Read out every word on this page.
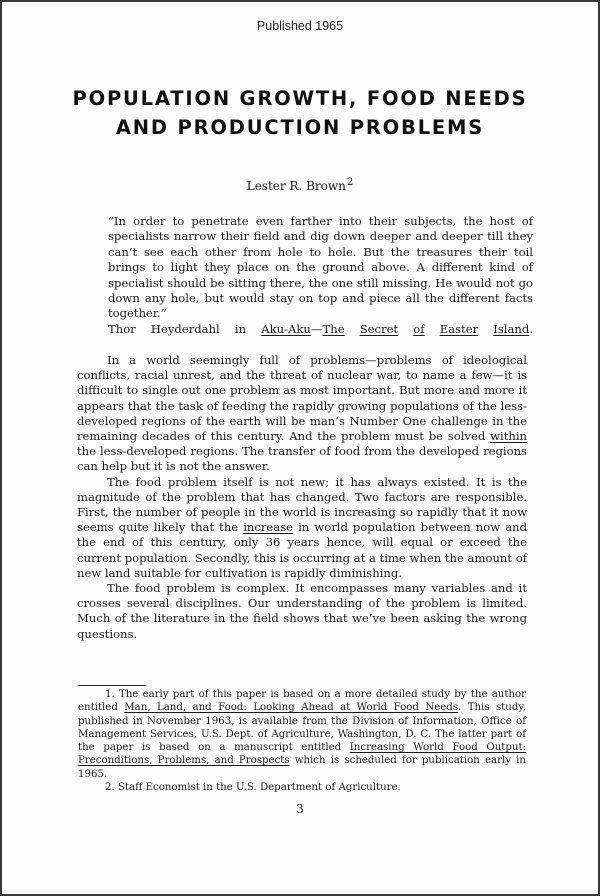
Published 1965
POPULATION GROWTH, FOOD NEEDS
AND PRODUCTION PROBLEMS
Lester R. Brown$^2$
“In order to penetrate even farther into their subjects, the host of specialists narrow their field and dig down deeper and deeper till they can’t see each other from hole to hole. But the treasures their toil brings to light they place on the ground above. A different kind of specialist should be sitting there, the one still missing. He would not go down any hole, but would stay on top and piece all the different facts together.”
Thor Heyderdahl in Aku-Aku—The Secret of Easter Island.

In a world seemingly full of problems—problems of ideological conflicts, racial unrest, and the threat of nuclear war, to name a few—it is difficult to single out one problem as most important. But more and more it appears that the task of feeding the rapidly growing populations of the less-developed regions of the earth will be man’s Number One challenge in the remaining decades of this century. And the problem must be solved within the less-developed regions. The transfer of food from the developed regions can help but it is not the answer.

The food problem itself is not new; it has always existed. It is the magnitude of the problem that has changed. Two factors are responsible. First, the number of people in the world is increasing so rapidly that it now seems quite likely that the increase in world population between now and the end of this century, only 36 years hence, will equal or exceed the current population. Secondly, this is occurring at a time when the amount of new land suitable for cultivation is rapidly diminishing.

The food problem is complex. It encompasses many variables and it crosses several disciplines. Our understanding of the problem is limited. Much of the literature in the field shows that we’ve been asking the wrong questions.

1. The early part of this paper is based on a more detailed study by the author entitled Man, Land, and Food: Looking Ahead at World Food Needs. This study, published in November 1963, is available from the Division of Information, Office of Management Services, U.S. Dept. of Agriculture, Washington, D. C. The latter part of the paper is based on a manuscript entitled Increasing World Food Output: Preconditions, Problems, and Prospects which is scheduled for publication early in 1965.

2. Staff Economist in the U.S. Department of Agriculture.

3
